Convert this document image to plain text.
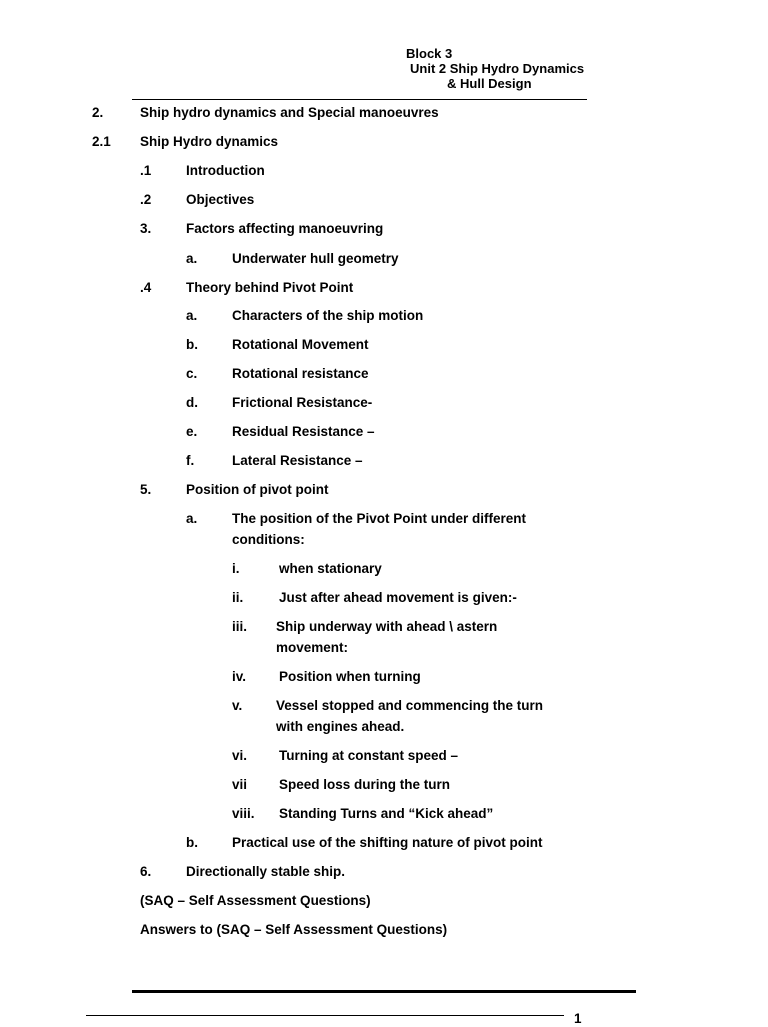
Block 3
Unit 2 Ship Hydro Dynamics
& Hull Design
2.	Ship hydro dynamics and Special manoeuvres
2.1 Ship Hydro dynamics
.1	Introduction
.2	Objectives
3.	Factors affecting manoeuvring
a.	Underwater hull geometry
.4	Theory behind Pivot Point
a.	Characters of the ship motion
b.	Rotational Movement
c.	Rotational resistance
d.	Frictional Resistance-
e.	Residual Resistance –
f.	Lateral Resistance –
5.	Position of pivot point
a.	The position of the Pivot Point under different
conditions:
i.	when stationary
ii.	Just after ahead movement is given:-
iii. Ship underway with ahead \ astern
movement:
iv. Position when turning
v. Vessel stopped and commencing the turn
with engines ahead.
vi. Turning at constant speed –
vii Speed loss during the turn
viii. Standing Turns and “Kick ahead”
b.	Practical use of the shifting nature of pivot point
6.	Directionally stable ship.
(SAQ – Self Assessment Questions)
Answers to (SAQ – Self Assessment Questions)
1
